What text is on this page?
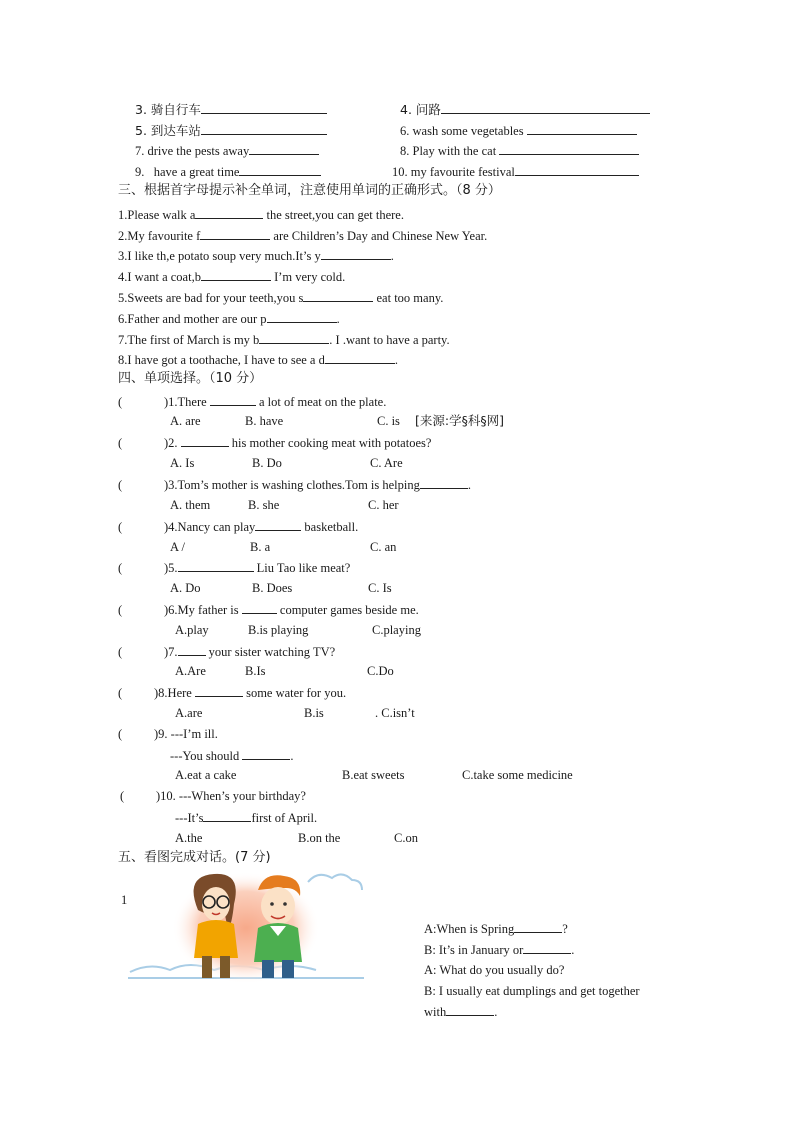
3. 骑自行车	4. 问路
5. 到达车站	6. wash some vegetables
7. drive the pests away	8. Play with the cat
9. have a great time	10. my favourite festival
三、根据首字母提示补全单词，注意使用单词的正确形式。（8 分）
1.Please walk a	the street,you can get there.
2.My favourite f	are Children’s Day and Chinese New Year.
3.I like th,e potato soup very much.It’s y	.
4.I want a coat,b	I’m very cold.
5.Sweets are bad for your teeth,you s	eat too many.
6.Father and mother are our p	.
7.The first of March is my b	. I .want to have a party.
8.I have got a toothache, I have to see a d	.
四、单项选择。（10 分）
(	)1.There	a lot of meat on the plate.
A. are	B. have	C. is [来源:学§科§网]
(	)2.	his mother cooking meat with potatoes?
A. Is	B. Do	C. Are
(	)3.Tom’s mother is washing clothes.Tom is helping	.
A. them	B. she	C. her
(	)4.Nancy can play	basketball.
A /	B. a	C. an
(	)5.	Liu Tao like meat?
A. Do	B. Does	C. Is
(	)6.My father is	computer games beside me.
A.play	B.is playing	C.playing
(	)7. your sister watching TV?
A.Are	B.Is	C.Do
(	)8.Here	some water for you.
A.are	B.is	. C.isn’t
(	)9. ---I’m ill.
---You should	.
A.eat a cake	B.eat sweets	C.take some medicine
(	)10. ---When’s your birthday?
---It’s	first of April.
A.the	B.on the	C.on
五、看图完成对话。(7 分)
1
A:When is Spring	?
B: It’s in January or	.
A: What do you usually do?
B: I usually eat dumplings and get together
with	.
